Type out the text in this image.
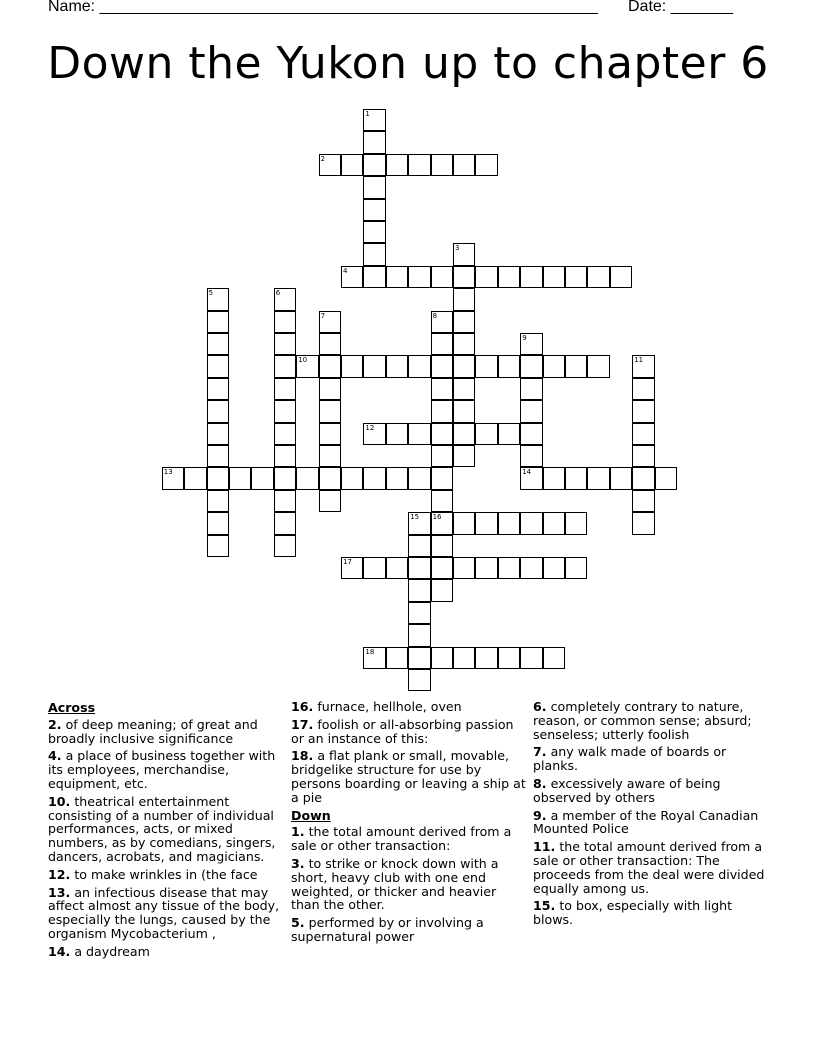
Name: ________________________________________________________ Date: _______
Down the Yukon up to chapter 6
1
2
3
4
5	6
7	8
16
9
14
10	11
12
13
15
17
18
Across
2. of deep meaning; of great and broadly inclusive significance
4. a place of business together with its employees, merchandise, equipment, etc.
10. theatrical entertainment consisting of a number of individual performances, acts, or mixed numbers, as by comedians, singers, dancers, acrobats, and magicians.
12. to make wrinkles in (the face
13. an infectious disease that may affect almost any tissue of the body, especially the lungs, caused by the organism Mycobacterium ,
14. a daydream
16. furnace, hellhole, oven
17. foolish or all-absorbing passion or an instance of this:
18. a flat plank or small, movable, bridgelike structure for use by persons boarding or leaving a ship at a pie
Down
1. the total amount derived from a sale or other transaction:
3. to strike or knock down with a short, heavy club with one end weighted, or thicker and heavier than the other.
5. performed by or involving a supernatural power
6. completely contrary to nature, reason, or common sense; absurd; senseless; utterly foolish
7. any walk made of boards or planks.
8. excessively aware of being observed by others
9. a member of the Royal Canadian Mounted Police
11. the total amount derived from a sale or other transaction: The proceeds from the deal were divided equally among us.
15. to box, especially with light blows.
